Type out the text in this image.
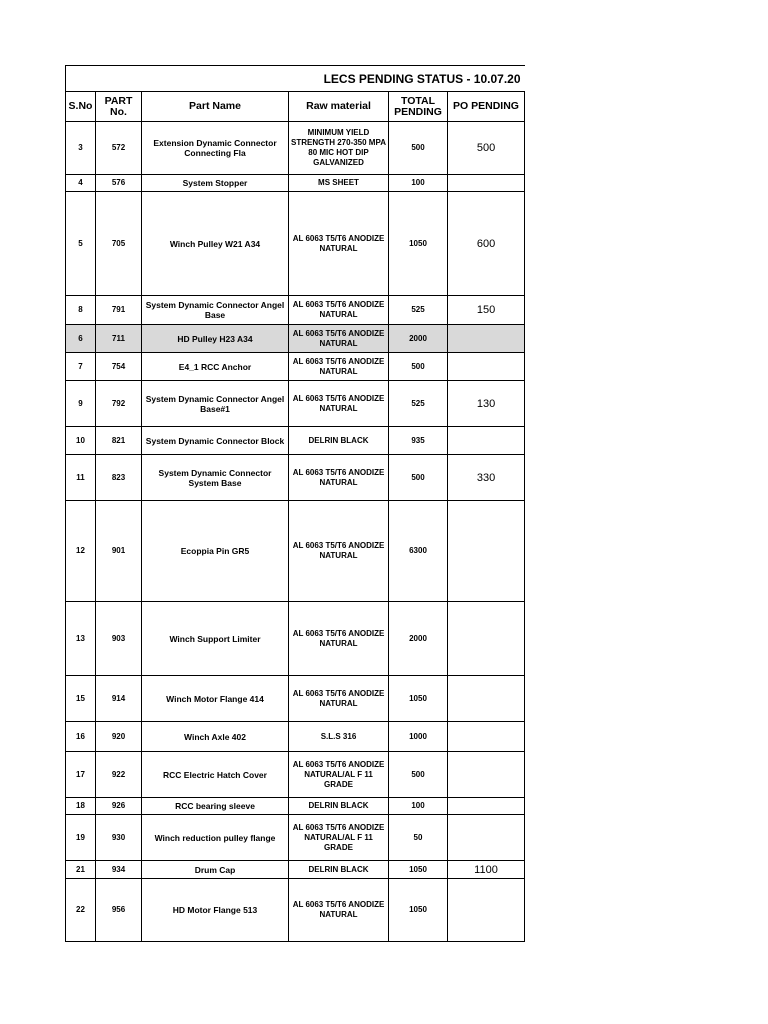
LECS PENDING STATUS - 10.07.20					
S.No	PART No.	Part Name	Raw material	TOTAL PENDING	PO PENDING
3	572	Extension Dynamic Connector Connecting Fla	MINIMUM YIELD STRENGTH 270-350 MPA 80 MIC HOT DIP GALVANIZED	500	500
4	576	System Stopper	MS SHEET	100	
5	705	Winch Pulley W21 A34	AL 6063 T5/T6 ANODIZE NATURAL	1050	600
8	791	System Dynamic Connector Angel Base	AL 6063 T5/T6 ANODIZE NATURAL	525	150
6	711	HD Pulley H23 A34	AL 6063 T5/T6 ANODIZE NATURAL	2000	
7	754	E4_1 RCC Anchor	AL 6063 T5/T6 ANODIZE NATURAL	500	
9	792	System Dynamic Connector Angel Base#1	AL 6063 T5/T6 ANODIZE NATURAL	525	130
10	821	System Dynamic Connector Block	DELRIN BLACK	935	
11	823	System Dynamic Connector System Base	AL 6063 T5/T6 ANODIZE NATURAL	500	330
12	901	Ecoppia Pin GR5	AL 6063 T5/T6 ANODIZE NATURAL	6300	
13	903	Winch Support Limiter	AL 6063 T5/T6 ANODIZE NATURAL	2000	
15	914	Winch Motor Flange 414	AL 6063 T5/T6 ANODIZE NATURAL	1050	
16	920	Winch Axle 402	S.L.S 316	1000	
17	922	RCC Electric Hatch Cover	AL 6063 T5/T6 ANODIZE NATURAL/AL F 11 GRADE	500	
18	926	RCC bearing sleeve	DELRIN BLACK	100	
19	930	Winch reduction pulley flange	AL 6063 T5/T6 ANODIZE NATURAL/AL F 11 GRADE	50	
21	934	Drum Cap	DELRIN BLACK	1050	1100
22	956	HD Motor Flange 513	AL 6063 T5/T6 ANODIZE NATURAL	1050	
